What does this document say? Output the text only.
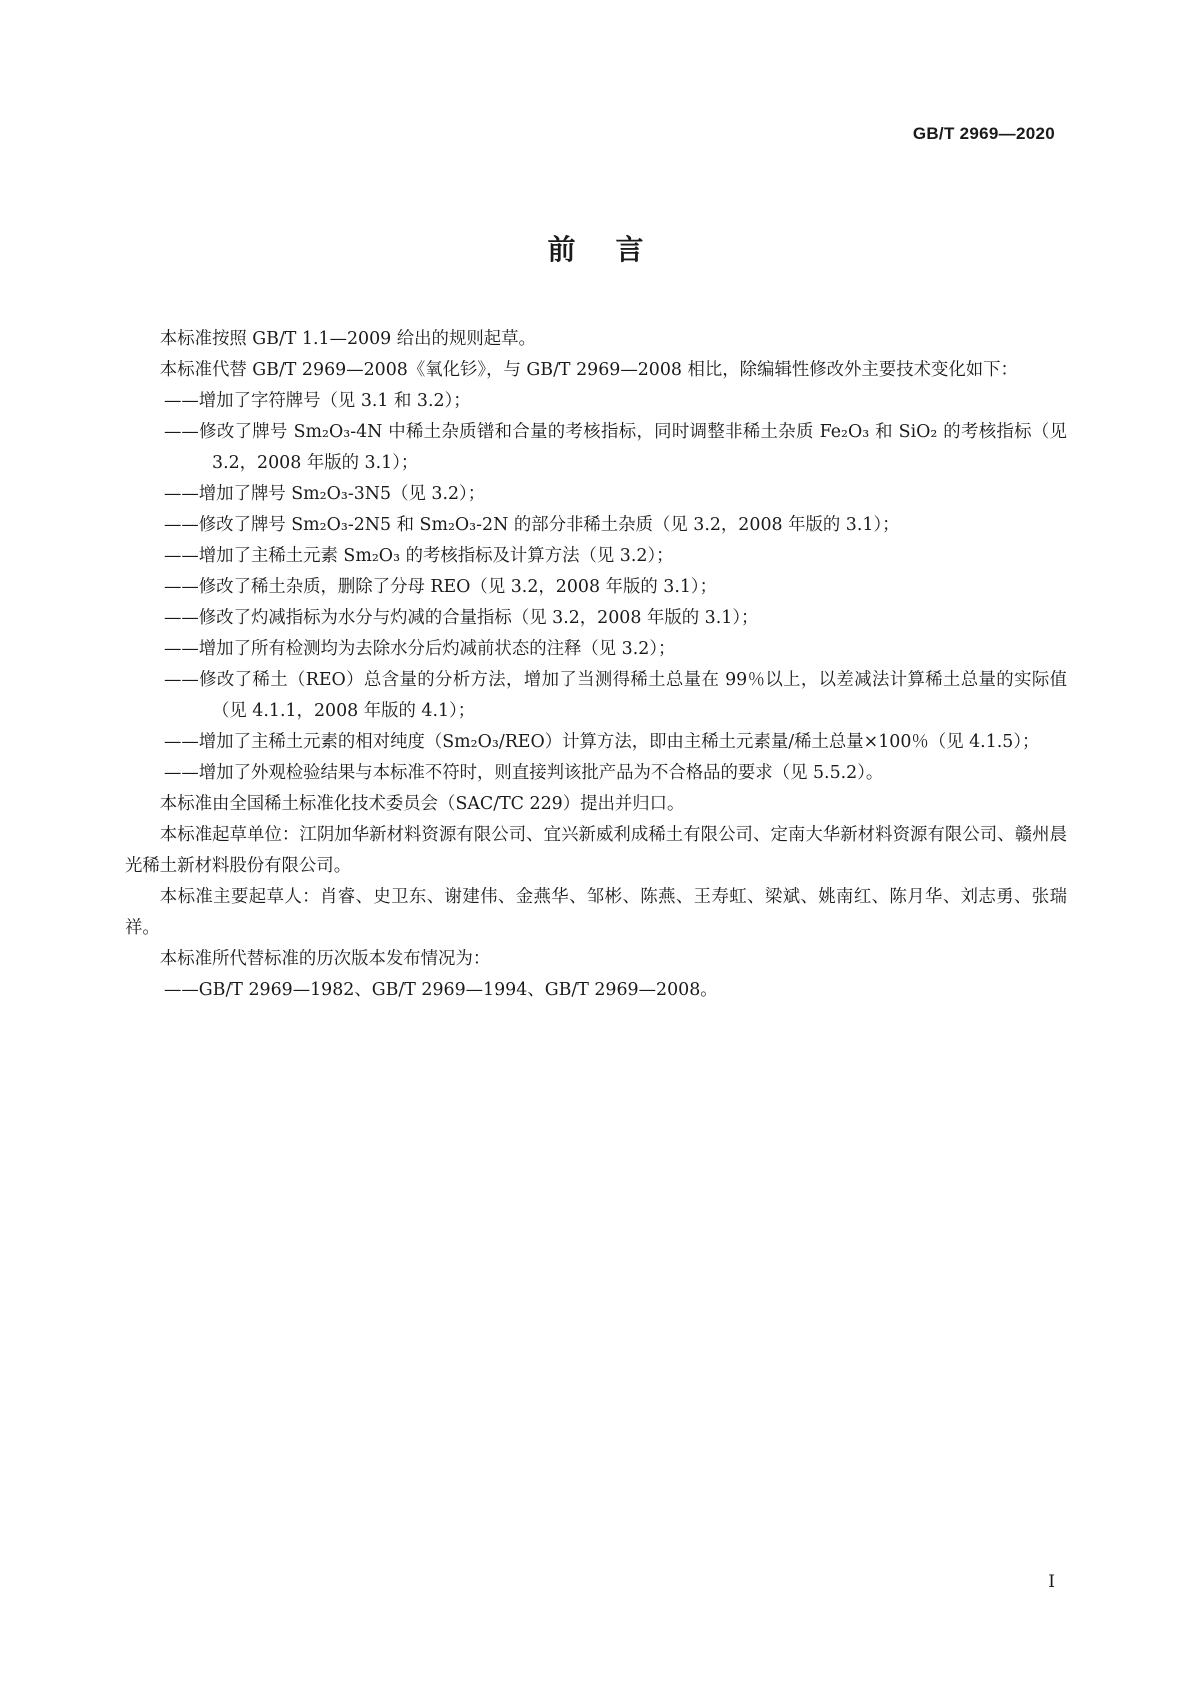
GB/T 2969—2020
前言

本标准按照 GB/T 1.1—2009 给出的规则起草。

本标准代替 GB/T 2969—2008《氧化钐》，与 GB/T 2969—2008 相比，除编辑性修改外主要技术变化如下：

——增加了字符牌号（见 3.1 和 3.2）；

——修改了牌号 Sm₂O₃-4N 中稀土杂质镨和合量的考核指标，同时调整非稀土杂质 Fe₂O₃ 和 SiO₂ 的考核指标（见 3.2，2008 年版的 3.1）；

——增加了牌号 Sm₂O₃-3N5（见 3.2）；

——修改了牌号 Sm₂O₃-2N5 和 Sm₂O₃-2N 的部分非稀土杂质（见 3.2，2008 年版的 3.1）；

——增加了主稀土元素 Sm₂O₃ 的考核指标及计算方法（见 3.2）；

——修改了稀土杂质，删除了分母 REO（见 3.2，2008 年版的 3.1）；

——修改了灼减指标为水分与灼减的合量指标（见 3.2，2008 年版的 3.1）；

——增加了所有检测均为去除水分后灼减前状态的注释（见 3.2）；

——修改了稀土（REO）总含量的分析方法，增加了当测得稀土总量在 99％以上，以差减法计算稀土总量的实际值（见 4.1.1，2008 年版的 4.1）；

——增加了主稀土元素的相对纯度（Sm₂O₃/REO）计算方法，即由主稀土元素量/稀土总量×100％（见 4.1.5）；

——增加了外观检验结果与本标准不符时，则直接判该批产品为不合格品的要求（见 5.5.2）。

本标准由全国稀土标准化技术委员会（SAC/TC 229）提出并归口。

本标准起草单位：江阴加华新材料资源有限公司、宜兴新威利成稀土有限公司、定南大华新材料资源有限公司、赣州晨光稀土新材料股份有限公司。

本标准主要起草人：肖睿、史卫东、谢建伟、金燕华、邹彬、陈燕、王寿虹、梁斌、姚南红、陈月华、刘志勇、张瑞祥。

本标准所代替标准的历次版本发布情况为：

——GB/T 2969—1982、GB/T 2969—1994、GB/T 2969—2008。

I
